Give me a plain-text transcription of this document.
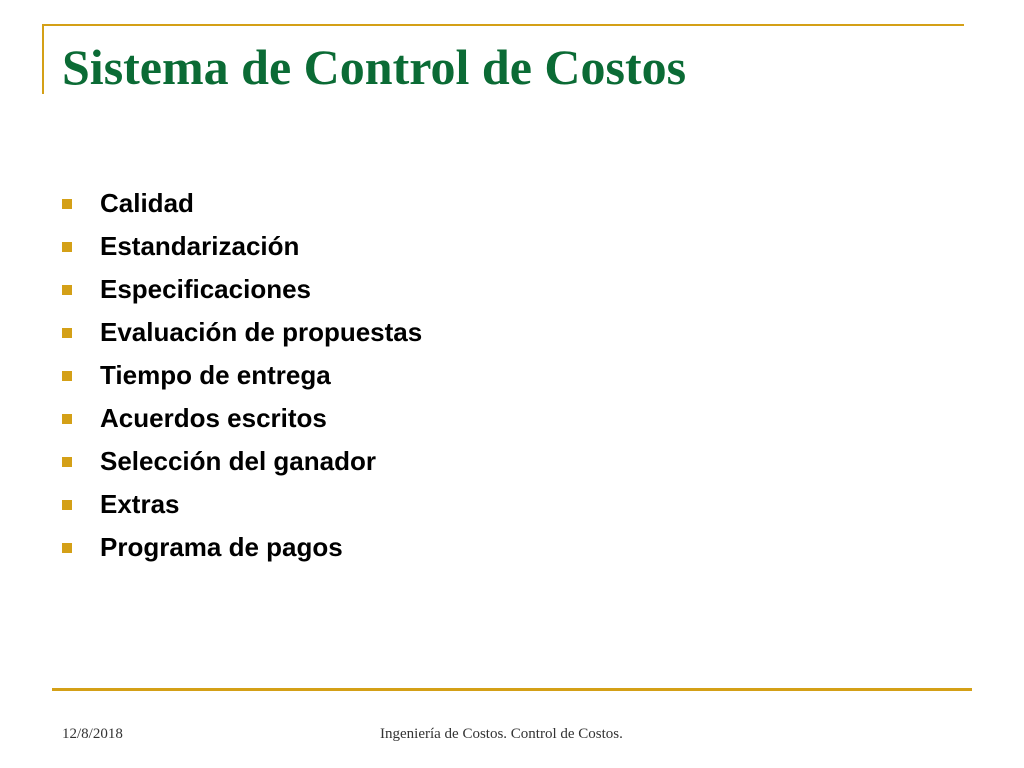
Sistema de Control de Costos
Calidad
Estandarización
Especificaciones
Evaluación de propuestas
Tiempo de entrega
Acuerdos escritos
Selección del ganador
Extras
Programa de pagos
12/8/2018	Ingeniería de Costos. Control de Costos.
